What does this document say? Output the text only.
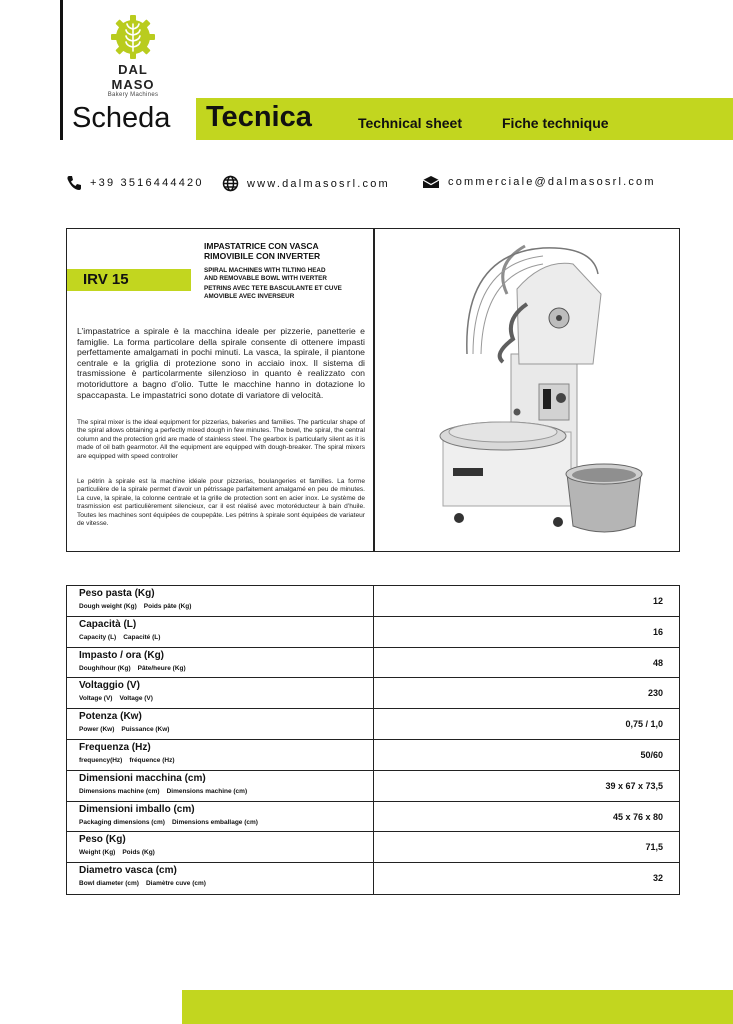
DAL MASO
Bakery Machines
Scheda Tecnica	Technical sheet	Fiche technique
+39 3516444420	www.dalmasosrl.com	commerciale@dalmasosrl.com
IRV 15
IMPASTATRICE CON VASCA
RIMOVIBILE CON INVERTER
SPIRAL MACHINES WITH TILTING HEAD
AND REMOVABLE BOWL WITH IVERTER
PETRINS AVEC TETE BASCULANTE ET CUVE
AMOVIBLE AVEC INVERSEUR

L’impastatrice a spirale è la macchina ideale per pizzerie, panetterie e famiglie. La forma particolare della spirale consente di ottenere impasti perfettamente amalgamati in pochi minuti. La vasca, la spirale, il piantone centrale e la griglia di protezione sono in acciaio inox. Il sistema di trasmissione è particolarmente silenzioso in quanto è realizzato con motoriduttore a bagno d’olio. Tutte le macchine hanno in dotazione lo spaccapasta. Le impastatrici sono dotate di variatore di velocità.

The spiral mixer is the ideal equipment for pizzerias, bakeries and families. The particular shape of the spiral allows obtaining a perfectly mixed dough in few minutes. The bowl, the spiral, the central column and the protection grid are made of stainless steel. The gearbox is particularly silent as it is made of oil bath gearmotor. All the equipment are equipped with dough-breaker. The spiral mixers are equipped with speed controller

Le pétrin à spirale est la machine idéale pour pizzerias, boulangeries et familles. La forme particulière de la spirale permet d’avoir un pétrissage parfaitement amalgamé en peu de minutes. La cuve, la spirale, la colonne centrale et la grille de protection sont en acier inox. Le système de trasmission est particulièrement silencieux, car il est réalisé avec motoréducteur à bain d’huile. Toutes les machines sont équipées de coupepâte. Les pétrins à spirale sont équipées de variateur de vitesse.

Peso pasta (Kg)
Dough weight (Kg) Poids pâte (Kg)
12
Capacità (L)
Capacity (L) Capacité (L)
16
Impasto / ora (Kg)
Dough/hour (Kg) Pâte/heure (Kg)
48
Voltaggio (V)
Voltage (V) Voltage (V)
230
Potenza (Kw)
Power (Kw) Puissance (Kw)
0,75 / 1,0
Frequenza (Hz)
frequency(Hz) fréquence (Hz)
50/60
Dimensioni macchina (cm)
Dimensions machine (cm) Dimensions machine (cm)
39 x 67 x 73,5
Dimensioni imballo (cm)
Packaging dimensions (cm) Dimensions emballage (cm)
45 x 76 x 80
Peso (Kg)
Weight (Kg) Poids (Kg)
71,5
Diametro vasca (cm)
Bowl diameter (cm) Diamètre cuve (cm)
32
